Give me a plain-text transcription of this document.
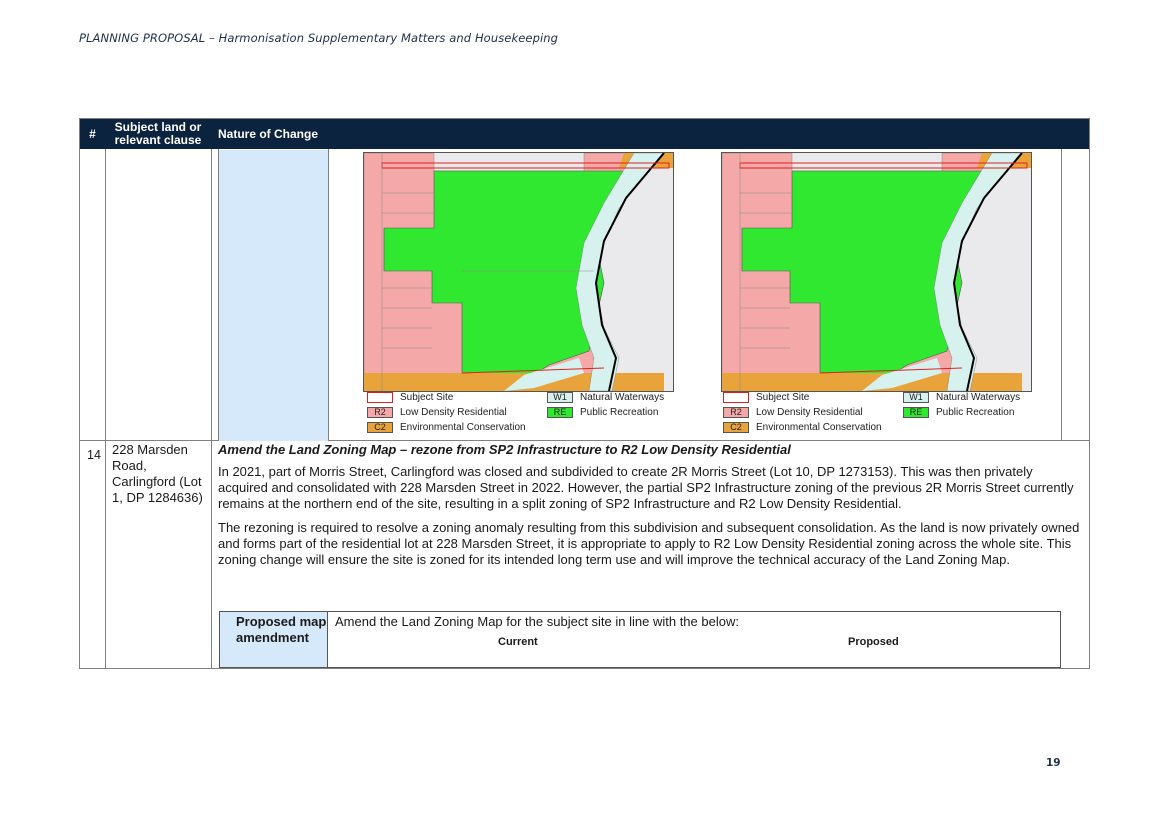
PLANNING PROPOSAL – Harmonisation Supplementary Matters and Housekeeping
#	Subject land or relevant clause	Nature of Change
Subject Site
R2	Low Density Residential
C2	Environmental Conservation
W1	Natural Waterways
RE	Public Recreation
Subject Site
R2	Low Density Residential
C2	Environmental Conservation
W1	Natural Waterways
RE	Public Recreation
14 228 Marsden Road, Carlingford (Lot 1, DP 1284636)

Amend the Land Zoning Map – rezone from SP2 Infrastructure to R2 Low Density Residential

In 2021, part of Morris Street, Carlingford was closed and subdivided to create 2R Morris Street (Lot 10, DP 1273153). This was then privately acquired and consolidated with 228 Marsden Street in 2022. However, the partial SP2 Infrastructure zoning of the previous 2R Morris Street currently remains at the northern end of the site, resulting in a split zoning of SP2 Infrastructure and R2 Low Density Residential.

The rezoning is required to resolve a zoning anomaly resulting from this subdivision and subsequent consolidation. As the land is now privately owned and forms part of the residential lot at 228 Marsden Street, it is appropriate to apply to R2 Low Density Residential zoning across the whole site. This zoning change will ensure the site is zoned for its intended long term use and will improve the technical accuracy of the Land Zoning Map.

Proposed map amendment
Amend the Land Zoning Map for the subject site in line with the below:
Current	Proposed
19
